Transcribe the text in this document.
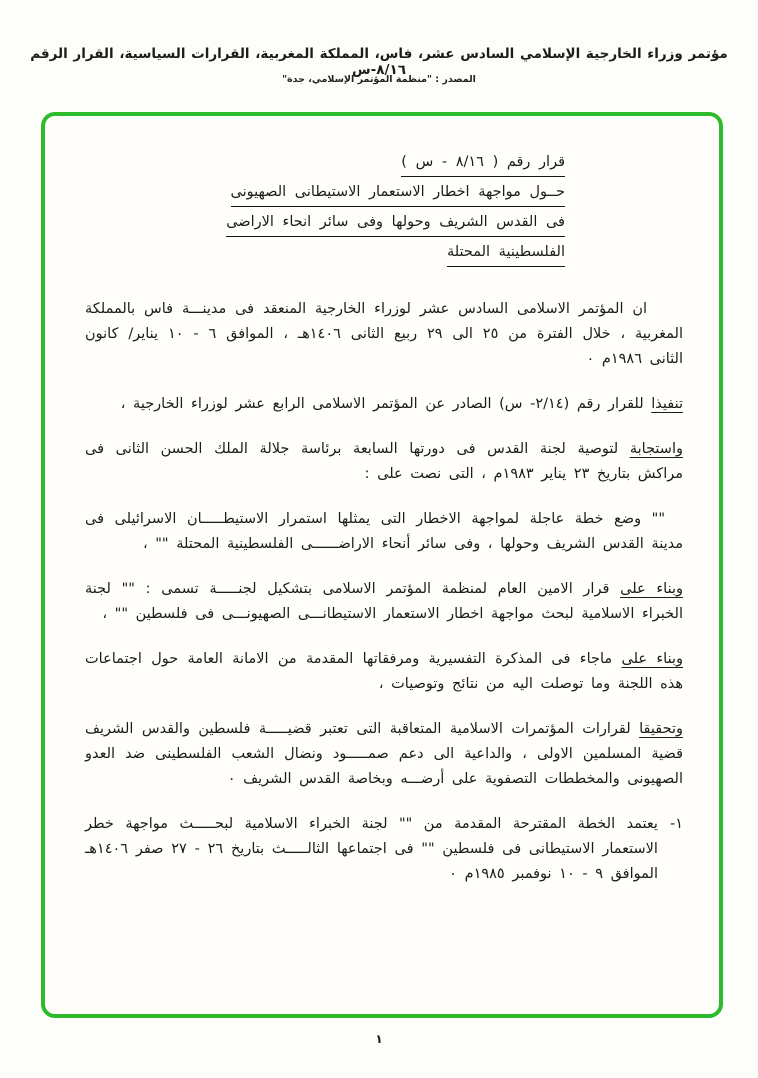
مؤتمر وزراء الخارجية الإسلامي السادس عشر، فاس، المملكة المغربية، القرارات السياسية، القرار الرقم ٨/١٦-س
المصدر : "منظمة المؤتمر الإسلامي، جدة"
قرار رقم ( ٨/١٦ - س )
حــول مواجهة اخطار الاستعمار الاستيطانى الصهيونى
فى القدس الشريف وحولها وفى سائر انحاء الاراضى
الفلسطينية المحتلة
ان المؤتمر الاسلامى السادس عشر لوزراء الخارجية المنعقد فى مدينـــة فاس بالمملكة المغربية ، خلال الفترة من ٢٥ الى ٢٩ ربيع الثانى ١٤٠٦هـ ، الموافق ٦ - ١٠ يناير/ كانون الثانى ١٩٨٦م ٠
تنفيذا للقرار رقم (٢/١٤- س) الصادر عن المؤتمر الاسلامى الرابع عشر لوزراء الخارجية ،
واستجابة لتوصية لجنة القدس فى دورتها السابعة برئاسة جلالة الملك الحسن الثانى فى مراكش بتاريخ ٢٣ يناير ١٩٨٣م ، التى نصت على :
"" وضع خطة عاجلة لمواجهة الاخطار التى يمثلها استمرار الاستيطـــــان الاسرائيلى فى مدينة القدس الشريف وحولها ، وفى سائر أنحاء الاراضــــــى الفلسطينية المحتلة "" ،
وبناء على قرار الامين العام لمنظمة المؤتمر الاسلامى بتشكيل لجنـــــة تسمى : "" لجنة الخبراء الاسلامية لبحث مواجهة اخطار الاستعمار الاستيطانـــى الصهيونـــى فى فلسطين "" ،
وبناء على ماجاء فى المذكرة التفسيرية ومرفقاتها المقدمة من الامانة العامة حول اجتماعات هذه اللجنة وما توصلت اليه من نتائج وتوصيات ،
وتحقيقا لقرارات المؤتمرات الاسلامية المتعاقبة التى تعتبر قضيـــــة فلسطين والقدس الشريف قضية المسلمين الاولى ، والداعية الى دعم صمـــــود ونضال الشعب الفلسطينى ضد العدو الصهيونى والمخططات التصفوية على أرضـــه وبخاصة القدس الشريف ٠
١-
يعتمد الخطة المقترحة المقدمة من "" لجنة الخبراء الاسلامية لبحـــــث مواجهة خطر الاستعمار الاستيطانى فى فلسطين "" فى اجتماعها الثالـــــث بتاريخ ٢٦ - ٢٧ صفر ١٤٠٦هـ الموافق ٩ - ١٠ نوفمبر ١٩٨٥م ٠
١
